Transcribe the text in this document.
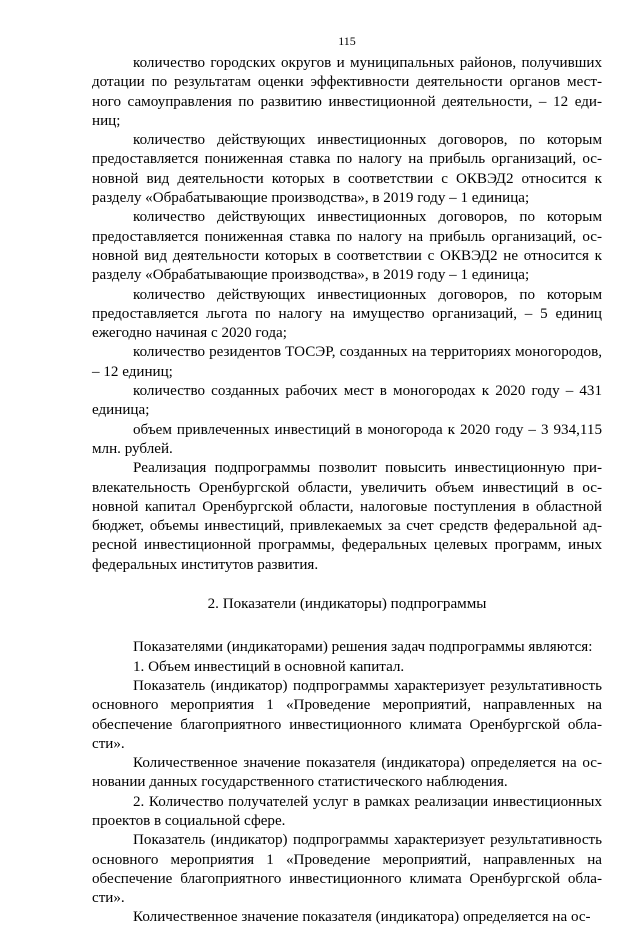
115

количество городских округов и муниципальных районов, получивших дотации по результатам оценки эффективности деятельности органов местного самоуправления по развитию инвестиционной деятельности, – 12 единиц;

количество действующих инвестиционных договоров, по которым предоставляется пониженная ставка по налогу на прибыль организаций, основной вид деятельности которых в соответствии с ОКВЭД2 относится к разделу «Обрабатывающие производства», в 2019 году – 1 единица;

количество действующих инвестиционных договоров, по которым предоставляется пониженная ставка по налогу на прибыль организаций, основной вид деятельности которых в соответствии с ОКВЭД2 не относится к разделу «Обрабатывающие производства», в 2019 году – 1 единица;

количество действующих инвестиционных договоров, по которым предоставляется льгота по налогу на имущество организаций, – 5 единиц ежегодно начиная с 2020 года;

количество резидентов ТОСЭР, созданных на территориях моногородов, – 12 единиц;

количество созданных рабочих мест в моногородах к 2020 году – 431 единица;

объем привлеченных инвестиций в моногорода к 2020 году – 3 934,115 млн. рублей.

Реализация подпрограммы позволит повысить инвестиционную привлекательность Оренбургской области, увеличить объем инвестиций в основной капитал Оренбургской области, налоговые поступления в областной бюджет, объемы инвестиций, привлекаемых за счет средств федеральной адресной инвестиционной программы, федеральных целевых программ, иных федеральных институтов развития.

2. Показатели (индикаторы) подпрограммы

Показателями (индикаторами) решения задач подпрограммы являются:

1. Объем инвестиций в основной капитал.

Показатель (индикатор) подпрограммы характеризует результативность основного мероприятия 1 «Проведение мероприятий, направленных на обеспечение благоприятного инвестиционного климата Оренбургской области».

Количественное значение показателя (индикатора) определяется на основании данных государственного статистического наблюдения.

2. Количество получателей услуг в рамках реализации инвестиционных проектов в социальной сфере.

Показатель (индикатор) подпрограммы характеризует результативность основного мероприятия 1 «Проведение мероприятий, направленных на обеспечение благоприятного инвестиционного климата Оренбургской области».

Количественное значение показателя (индикатора) определяется на ос-
